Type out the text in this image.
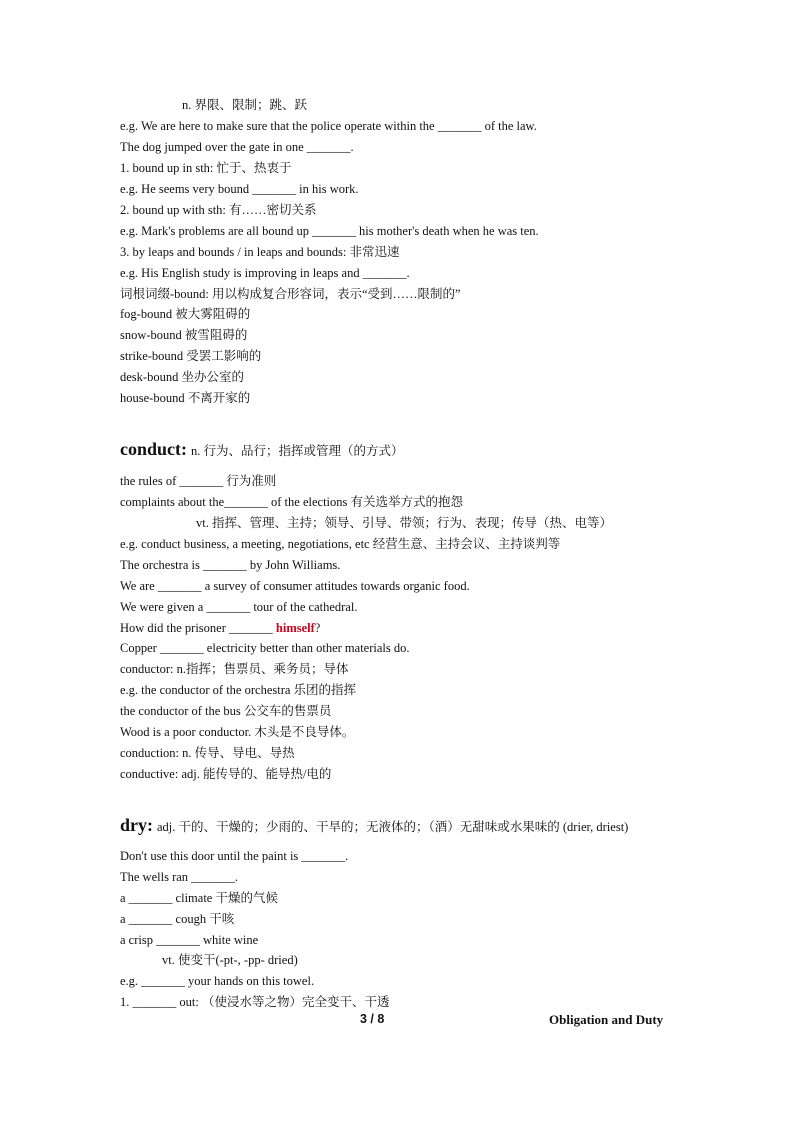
n. 界限、限制；跳、跃
e.g. We are here to make sure that the police operate within the _______ of the law.
The dog jumped over the gate in one _______.
1. bound up in sth: 忙于、热衷于
e.g. He seems very bound _______ in his work.
2. bound up with sth: 有……密切关系
e.g. Mark's problems are all bound up _______ his mother's death when he was ten.
3. by leaps and bounds / in leaps and bounds: 非常迅速
e.g. His English study is improving in leaps and _______.
词根词缀-bound: 用以构成复合形容词，表示“受到……限制的”
fog-bound 被大雾阻碍的
snow-bound 被雪阻碍的
strike-bound 受罢工影响的
desk-bound 坐办公室的
house-bound 不离开家的
conduct: n. 行为、品行；指挥或管理（的方式）
the rules of _______ 行为准则
complaints about the_______ of the elections 有关选举方式的抱怨
vt. 指挥、管理、主持；领导、引导、带领；行为、表现；传导（热、电等）
e.g. conduct business, a meeting, negotiations, etc 经营生意、主持会议、主持谈判等
The orchestra is _______ by John Williams.
We are _______ a survey of consumer attitudes towards organic food.
We were given a _______ tour of the cathedral.
How did the prisoner _______ himself?
Copper _______ electricity better than other materials do.
conductor: n.指挥；售票员、乘务员；导体
e.g. the conductor of the orchestra 乐团的指挥
the conductor of the bus 公交车的售票员
Wood is a poor conductor. 木头是不良导体。
conduction: n. 传导、导电、导热
conductive: adj. 能传导的、能导热/电的
dry: adj. 干的、干燥的；少雨的、干旱的；无液体的；（酒）无甜味或水果味的 (drier, driest)
Don't use this door until the paint is _______.
The wells ran _______.
a _______ climate 干燥的气候
a _______ cough 干咳
a crisp _______ white wine
vt. 使变干(-pt-, -pp- dried)
e.g. _______ your hands on this towel.
1. _______ out: （使浸水等之物）完全变干、干透
3 / 8	Obligation and Duty
